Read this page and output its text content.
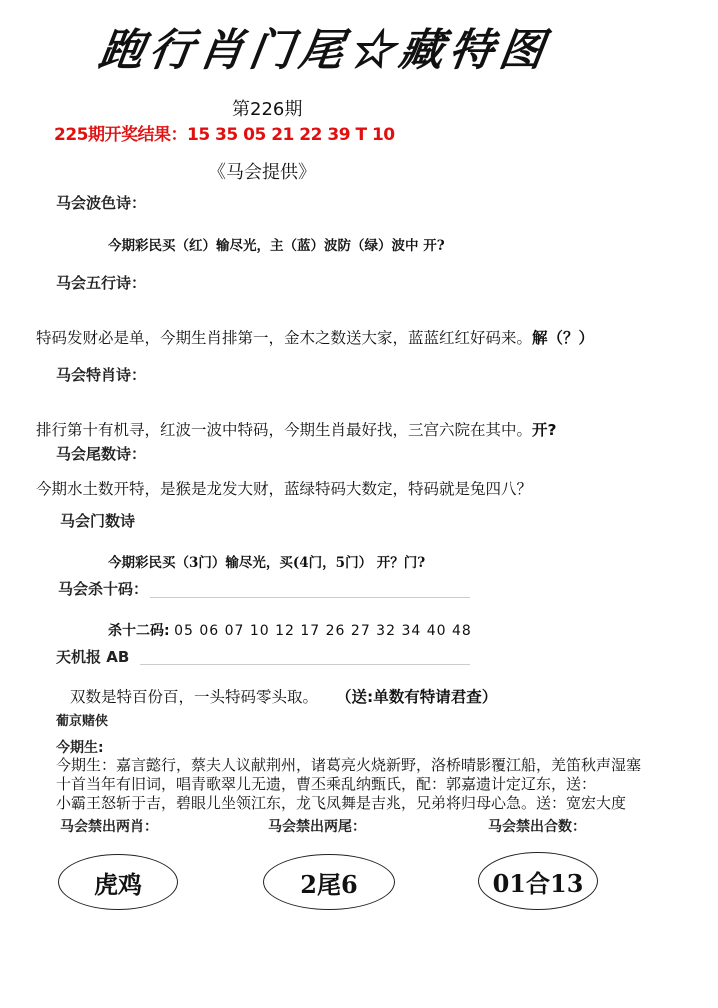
跑行肖门尾☆藏特图
第226期
225期开奖结果：15 35 05 21 22 39 T 10
《马会提供》
马会波色诗：
今期彩民买（红）输尽光，主（蓝）波防（绿）波中 开?
马会五行诗：
特码发财必是单，今期生肖排第一，金木之数送大家，蓝蓝红红好码来。解（？）
马会特肖诗：
排行第十有机寻，红波一波中特码，今期生肖最好找，三宫六院在其中。开?
马会尾数诗：
今期水土数开特，是猴是龙发大财，蓝绿特码大数定，特码就是兔四八？
马会门数诗
今期彩民买（3门）输尽光，买(4门，5门） 开？门?
马会杀十码：
杀十二码: 05 06 07 10 12 17 26 27 32 34 40 48
天机报 AB
双数是特百份百，一头特码零头取。 （送:单数有特请君查）
葡京赌侠
今期生:
今期生：嘉言懿行，蔡夫人议献荆州，诸葛亮火烧新野，洛桥晴影覆江船，羌笛秋声湿塞
十首当年有旧词，唱青歌翠儿无遗，曹丕乘乱纳甄氏，配：郭嘉遗计定辽东，送：
小霸王怒斩于吉，碧眼儿坐领江东，龙飞凤舞是吉兆，兄弟将归母心急。送：宽宏大度
马会禁出两肖：	马会禁出两尾：	马会禁出合数：
虎鸡	2尾6	01合13
